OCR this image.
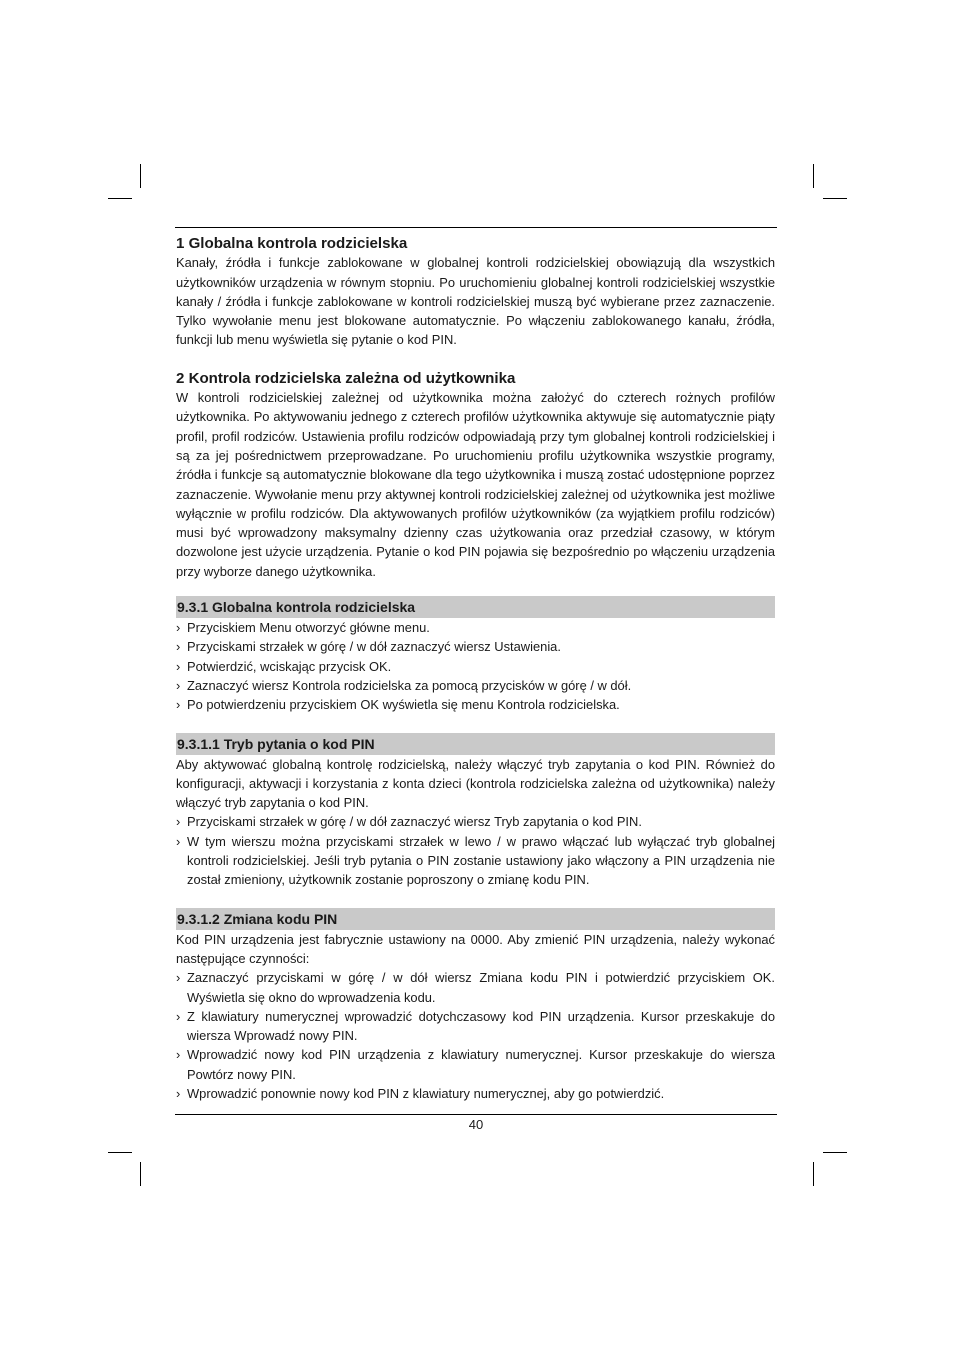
1 Globalna kontrola rodzicielska

Kanały, źródła i funkcje zablokowane w globalnej kontroli rodzicielskiej obowiązują dla wszystkich użytkowników urządzenia w równym stopniu. Po uruchomieniu globalnej kontroli rodzicielskiej wszystkie kanały / źródła i funkcje zablokowane w kontroli rodzicielskiej muszą być wybierane przez zaznaczenie. Tylko wywołanie menu jest blokowane automatycznie. Po włączeniu zablokowanego kanału, źródła, funkcji lub menu wyświetla się pytanie o kod PIN.

2 Kontrola rodzicielska zależna od użytkownika

W kontroli rodzicielskiej zależnej od użytkownika można założyć do czterech rożnych profilów użytkownika. Po aktywowaniu jednego z czterech profilów użytkownika aktywuje się automatycznie piąty profil, profil rodziców. Ustawienia profilu rodziców odpowiadają przy tym globalnej kontroli rodzicielskiej i są za jej pośrednictwem przeprowadzane. Po uruchomieniu profilu użytkownika wszystkie programy, źródła i funkcje są automatycznie blokowane dla tego użytkownika i muszą zostać udostępnione poprzez zaznaczenie. Wywołanie menu przy aktywnej kontroli rodzicielskiej zależnej od użytkownika jest możliwe wyłącznie w profilu rodziców. Dla aktywowanych profilów użytkowników (za wyjątkiem profilu rodziców) musi być wprowadzony maksymalny dzienny czas użytkowania oraz przedział czasowy, w którym dozwolone jest użycie urządzenia. Pytanie o kod PIN pojawia się bezpośrednio po włączeniu urządzenia przy wyborze danego użytkownika.

9.3.1 Globalna kontrola rodzicielska
› Przyciskiem Menu otworzyć główne menu.
› Przyciskami strzałek w górę / w dół zaznaczyć wiersz Ustawienia.
› Potwierdzić, wciskając przycisk OK.
› Zaznaczyć wiersz Kontrola rodzicielska za pomocą przycisków w górę / w dół.
› Po potwierdzeniu przyciskiem OK wyświetla się menu Kontrola rodzicielska.
9.3.1.1 Tryb pytania o kod PIN

Aby aktywować globalną kontrolę rodzicielską, należy włączyć tryb zapytania o kod PIN. Również do konfiguracji, aktywacji i korzystania z konta dzieci (kontrola rodzicielska zależna od użytkownika) należy włączyć tryb zapytania o kod PIN.

› Przyciskami strzałek w górę / w dół zaznaczyć wiersz Tryb zapytania o kod PIN.
› W tym wierszu można przyciskami strzałek w lewo / w prawo włączać lub wyłączać tryb globalnej kontroli rodzicielskiej. Jeśli tryb pytania o PIN zostanie ustawiony jako włączony a PIN urządzenia nie został zmieniony, użytkownik zostanie poproszony o zmianę kodu PIN.
9.3.1.2 Zmiana kodu PIN

Kod PIN urządzenia jest fabrycznie ustawiony na 0000. Aby zmienić PIN urządzenia, należy wykonać następujące czynności:

› Zaznaczyć przyciskami w górę / w dół wiersz Zmiana kodu PIN i potwierdzić przyciskiem OK. Wyświetla się okno do wprowadzenia kodu.
› Z klawiatury numerycznej wprowadzić dotychczasowy kod PIN urządzenia. Kursor przeskakuje do wiersza Wprowadź nowy PIN.
› Wprowadzić nowy kod PIN urządzenia z klawiatury numerycznej. Kursor przeskakuje do wiersza Powtórz nowy PIN.
› Wprowadzić ponownie nowy kod PIN z klawiatury numerycznej, aby go potwierdzić.
40
